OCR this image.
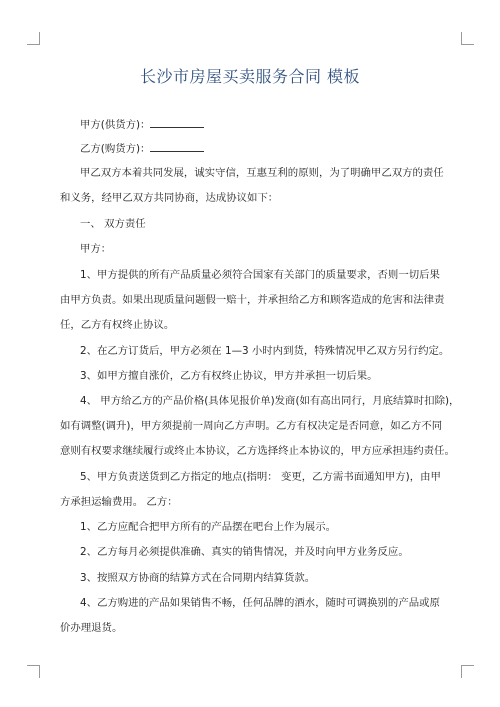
长沙市房屋买卖服务合同 模板
甲方(供货方)：
乙方(购货方)：
甲乙双方本着共同发展，诚实守信，互惠互利的原则，为了明确甲乙双方的责任
和义务，经甲乙双方共同协商，达成协议如下：
一、 双方责任
甲方：
1、甲方提供的所有产品质量必须符合国家有关部门的质量要求，否则一切后果
由甲方负责。如果出现质量问题假一赔十，并承担给乙方和顾客造成的危害和法律责
任，乙方有权终止协议。
2、在乙方订货后，甲方必须在 1—3 小时内到货，特殊情况甲乙双方另行约定。
3、如甲方擅自涨价，乙方有权终止协议，甲方并承担一切后果。
4、 甲方给乙方的产品价格(具体见报价单)发商(如有高出同行，月底结算时扣除)，
如有调整(调升)，甲方须提前一周向乙方声明。乙方有权决定是否同意，如乙方不同
意则有权要求继续履行或终止本协议，乙方选择终止本协议的，甲方应承担违约责任。
5、甲方负责送货到乙方指定的地点(指明： 变更，乙方需书面通知甲方)，由甲
方承担运输费用。 乙方：
1、乙方应配合把甲方所有的产品摆在吧台上作为展示。
2、乙方每月必须提供准确、真实的销售情况，并及时向甲方业务反应。
3、按照双方协商的结算方式在合同期内结算货款。
4、乙方购进的产品如果销售不畅，任何品牌的酒水，随时可调换别的产品或原
价办理退货。
